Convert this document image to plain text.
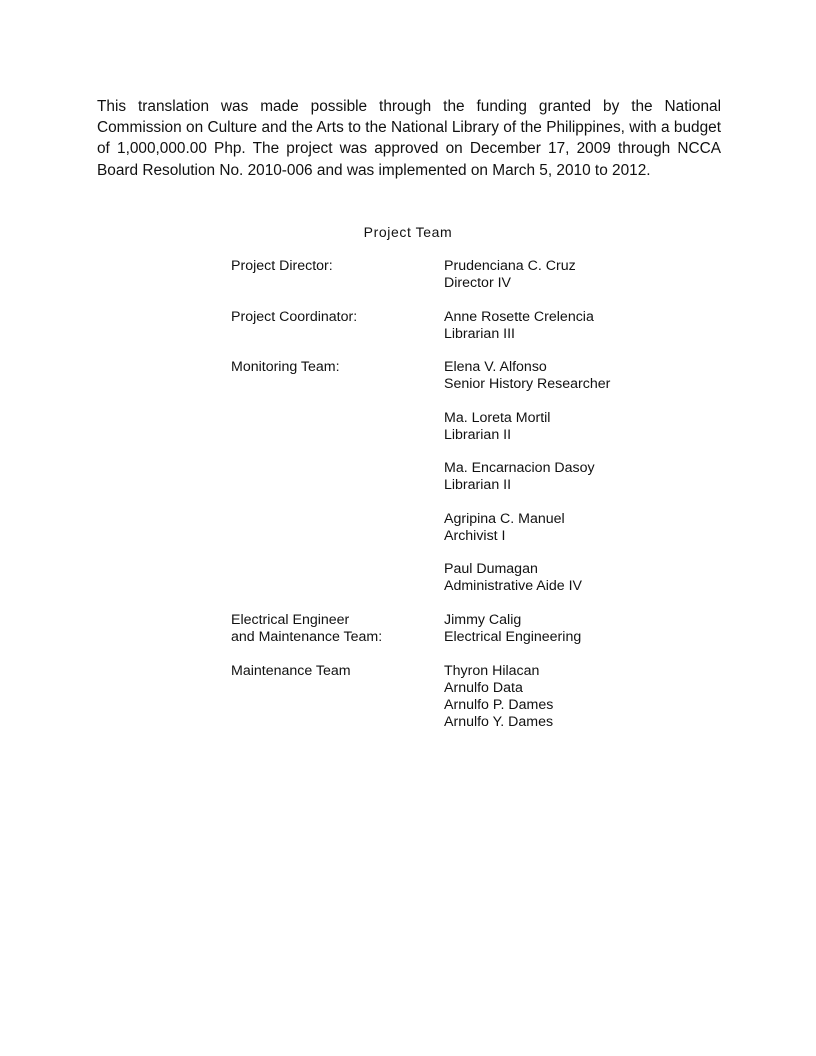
This translation was made possible through the funding granted by the National Commission on Culture and the Arts to the National Library of the Philippines, with a budget of 1,000,000.00 Php. The project was approved on December 17, 2009 through NCCA Board Resolution No. 2010-006 and was implemented on March 5, 2010 to 2012.

Project Team
Project Director:
Project Coordinator:
Monitoring Team:
Electrical Engineer
and Maintenance Team:
Maintenance Team
Prudenciana C. Cruz
Director IV
Anne Rosette Crelencia
Librarian III
Elena V. Alfonso
Senior History Researcher
Ma. Loreta Mortil
Librarian II
Ma. Encarnacion Dasoy
Librarian II
Agripina C. Manuel
Archivist I
Paul Dumagan
Administrative Aide IV
Jimmy Calig
Electrical Engineering
Thyron Hilacan
Arnulfo Data
Arnulfo P. Dames
Arnulfo Y. Dames
